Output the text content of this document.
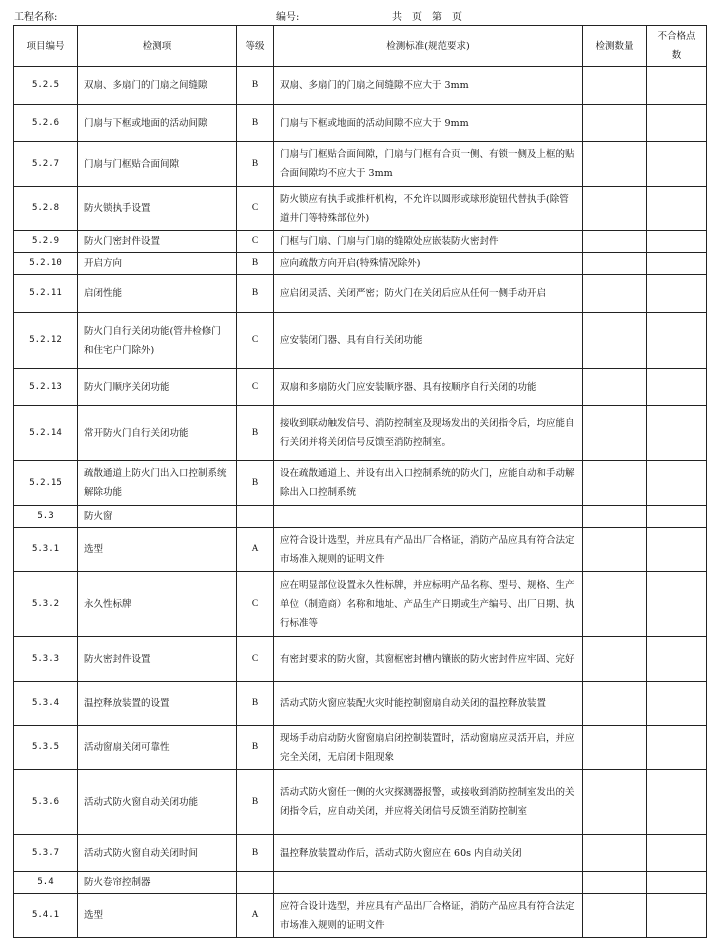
工程名称:	编号:	共　页　第　页
项目编号	检测项	等级	检测标准(规范要求)	检测数量	不合格点数
5.2.5	双扇、多扇门的门扇之间缝隙	B	双扇、多扇门的门扇之间缝隙不应大于 3mm		
5.2.6	门扇与下框或地面的活动间隙	B	门扇与下框或地面的活动间隙不应大于 9mm		
5.2.7	门扇与门框贴合面间隙	B	门扇与门框贴合面间隙，门扇与门框有合页一侧、有锁一侧及上框的贴合面间隙均不应大于 3mm		
5.2.8	防火锁执手设置	C	防火锁应有执手或推杆机构，不允许以圆形或球形旋钮代替执手(除管道井门等特殊部位外)		
5.2.9	防火门密封件设置	C	门框与门扇、门扇与门扇的缝隙处应嵌装防火密封件		
5.2.10	开启方向	B	应向疏散方向开启(特殊情况除外)		
5.2.11	启闭性能	B	应启闭灵活、关闭严密；防火门在关闭后应从任何一侧手动开启		
5.2.12	防火门自行关闭功能(管井检修门和住宅户门除外)	C	应安装闭门器、具有自行关闭功能		
5.2.13	防火门顺序关闭功能	C	双扇和多扇防火门应安装顺序器、具有按顺序自行关闭的功能		
5.2.14	常开防火门自行关闭功能	B	接收到联动触发信号、消防控制室及现场发出的关闭指令后，均应能自行关闭并将关闭信号反馈至消防控制室。		
5.2.15	疏散通道上防火门出入口控制系统解除功能	B	设在疏散通道上、并设有出入口控制系统的防火门，应能自动和手动解除出入口控制系统		
5.3	防火窗				
5.3.1	选型	A	应符合设计选型，并应具有产品出厂合格证，消防产品应具有符合法定市场准入规则的证明文件		
5.3.2	永久性标牌	C	应在明显部位设置永久性标牌，并应标明产品名称、型号、规格、生产单位（制造商）名称和地址、产品生产日期或生产编号、出厂日期、执行标准等		
5.3.3	防火密封件设置	C	有密封要求的防火窗，其窗框密封槽内镶嵌的防火密封件应牢固、完好		
5.3.4	温控释放装置的设置	B	活动式防火窗应装配火灾时能控制窗扇自动关闭的温控释放装置		
5.3.5	活动窗扇关闭可靠性	B	现场手动启动防火窗窗扇启闭控制装置时，活动窗扇应灵活开启，并应完全关闭，无启闭卡阻现象		
5.3.6	活动式防火窗自动关闭功能	B	活动式防火窗任一侧的火灾探测器报警，或接收到消防控制室发出的关闭指令后，应自动关闭，并应将关闭信号反馈至消防控制室		
5.3.7	活动式防火窗自动关闭时间	B	温控释放装置动作后，活动式防火窗应在 60s 内自动关闭		
5.4	防火卷帘控制器				
5.4.1	选型	A	应符合设计选型，并应具有产品出厂合格证，消防产品应具有符合法定市场准入规则的证明文件		
